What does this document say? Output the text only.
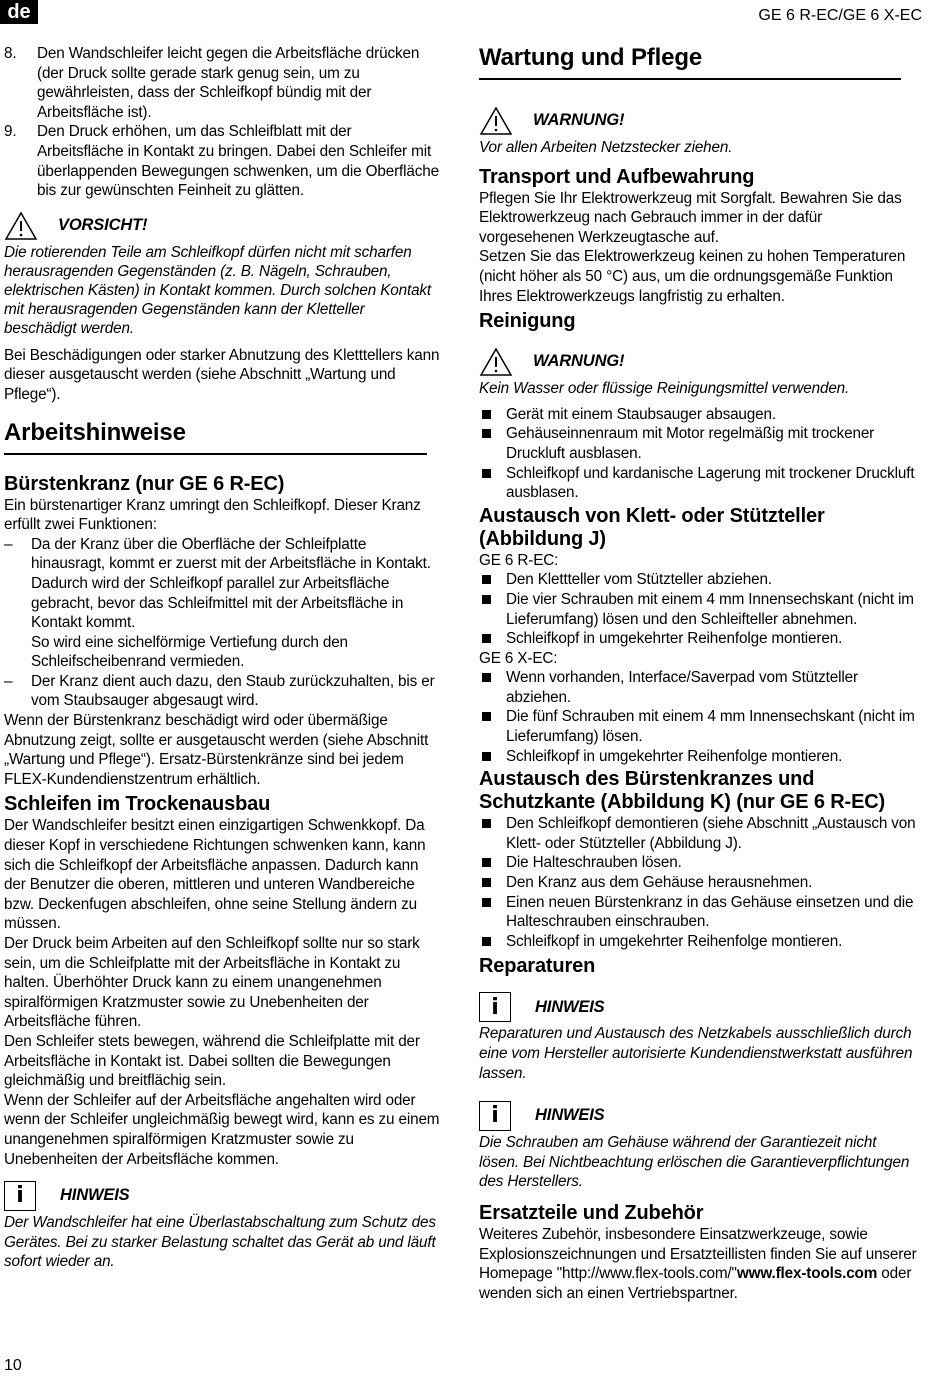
de	GE 6 R-EC/GE 6 X-EC
8. Den Wandschleifer leicht gegen die Arbeitsfläche drücken (der Druck sollte gerade stark genug sein, um zu gewährleisten, dass der Schleifkopf bündig mit der Arbeitsfläche ist).
9. Den Druck erhöhen, um das Schleifblatt mit der Arbeitsfläche in Kontakt zu bringen. Dabei den Schleifer mit überlappenden Bewegungen schwenken, um die Oberfläche bis zur gewünschten Feinheit zu glätten.
VORSICHT!

Die rotierenden Teile am Schleifkopf dürfen nicht mit scharfen herausragenden Gegenständen (z. B. Nägeln, Schrauben, elektrischen Kästen) in Kontakt kommen. Durch solchen Kontakt mit herausragenden Gegenständen kann der Kletteller beschädigt werden.

Bei Beschädigungen oder starker Abnutzung des Kletttellers kann dieser ausgetauscht werden (siehe Abschnitt „Wartung und Pflege“).

Arbeitshinweise
Bürstenkranz (nur GE 6 R-EC)

Ein bürstenartiger Kranz umringt den Schleifkopf. Dieser Kranz erfüllt zwei Funktionen:

– Da der Kranz über die Oberfläche der Schleifplatte hinausragt, kommt er zuerst mit der Arbeitsfläche in Kontakt. Dadurch wird der Schleifkopf parallel zur Arbeitsfläche gebracht, bevor das Schleifmittel mit der Arbeitsfläche in Kontakt kommt.
So wird eine sichelförmige Vertiefung durch den Schleifscheibenrand vermieden.
– Der Kranz dient auch dazu, den Staub zurückzuhalten, bis er vom Staubsauger abgesaugt wird.

Wenn der Bürstenkranz beschädigt wird oder übermäßige Abnutzung zeigt, sollte er ausgetauscht werden (siehe Abschnitt „Wartung und Pflege“). Ersatz-Bürstenkränze sind bei jedem FLEX-Kundendienstzentrum erhältlich.

Schleifen im Trockenausbau

Der Wandschleifer besitzt einen einzigartigen Schwenkkopf. Da dieser Kopf in verschiedene Richtungen schwenken kann, kann sich die Schleifkopf der Arbeitsfläche anpassen. Dadurch kann der Benutzer die oberen, mittleren und unteren Wandbereiche bzw. Deckenfugen abschleifen, ohne seine Stellung ändern zu müssen.

Der Druck beim Arbeiten auf den Schleifkopf sollte nur so stark sein, um die Schleifplatte mit der Arbeitsfläche in Kontakt zu halten. Überhöhter Druck kann zu einem unangenehmen spiralförmigen Kratzmuster sowie zu Unebenheiten der Arbeitsfläche führen.

Den Schleifer stets bewegen, während die Schleifplatte mit der Arbeitsfläche in Kontakt ist. Dabei sollten die Bewegungen gleichmäßig und breitflächig sein.

Wenn der Schleifer auf der Arbeitsfläche angehalten wird oder wenn der Schleifer ungleichmäßig bewegt wird, kann es zu einem unangenehmen spiralförmigen Kratzmuster sowie zu Unebenheiten der Arbeitsfläche kommen.

i	HINWEIS

Der Wandschleifer hat eine Überlastabschaltung zum Schutz des Gerätes. Bei zu starker Belastung schaltet das Gerät ab und läuft sofort wieder an.

Wartung und Pflege
WARNUNG!

Vor allen Arbeiten Netzstecker ziehen.

Transport und Aufbewahrung

Pflegen Sie Ihr Elektrowerkzeug mit Sorgfalt. Bewahren Sie das Elektrowerkzeug nach Gebrauch immer in der dafür vorgesehenen Werkzeugtasche auf.

Setzen Sie das Elektrowerkzeug keinen zu hohen Temperaturen (nicht höher als 50 °C) aus, um die ordnungsgemäße Funktion Ihres Elektrowerkzeugs langfristig zu erhalten.

Reinigung
WARNUNG!

Kein Wasser oder flüssige Reinigungsmittel verwenden.

Gerät mit einem Staubsauger absaugen.
Gehäuseinnenraum mit Motor regelmäßig mit trockener Druckluft ausblasen.
Schleifkopf und kardanische Lagerung mit trockener Druckluft ausblasen.
Austausch von Klett- oder Stützteller (Abbildung J)

GE 6 R-EC:

Den Klettteller vom Stützteller abziehen.
Die vier Schrauben mit einem 4 mm Innensechskant (nicht im Lieferumfang) lösen und den Schleifteller abnehmen.
Schleifkopf in umgekehrter Reihenfolge montieren.

GE 6 X-EC:

Wenn vorhanden, Interface/Saverpad vom Stützteller abziehen.
Die fünf Schrauben mit einem 4 mm Innensechskant (nicht im Lieferumfang) lösen.
Schleifkopf in umgekehrter Reihenfolge montieren.
Austausch des Bürstenkranzes und Schutzkante (Abbildung K) (nur GE 6 R-EC)
Den Schleifkopf demontieren (siehe Abschnitt „Austausch von Klett- oder Stützteller (Abbildung J).
Die Halteschrauben lösen.
Den Kranz aus dem Gehäuse herausnehmen.
Einen neuen Bürstenkranz in das Gehäuse einsetzen und die Halteschrauben einschrauben.
Schleifkopf in umgekehrter Reihenfolge montieren.
Reparaturen
i	HINWEIS

Reparaturen und Austausch des Netzkabels ausschließlich durch eine vom Hersteller autorisierte Kundendienstwerkstatt ausführen lassen.

i	HINWEIS

Die Schrauben am Gehäuse während der Garantiezeit nicht lösen. Bei Nichtbeachtung erlöschen die Garantieverpflichtungen des Herstellers.

Ersatzteile und Zubehör

Weiteres Zubehör, insbesondere Einsatzwerkzeuge, sowie Explosionszeichnungen und Ersatzteillisten finden Sie auf unserer Homepage "http://www.flex-tools.com/"www.flex-tools.com oder wenden sich an einen Vertriebspartner.

10
